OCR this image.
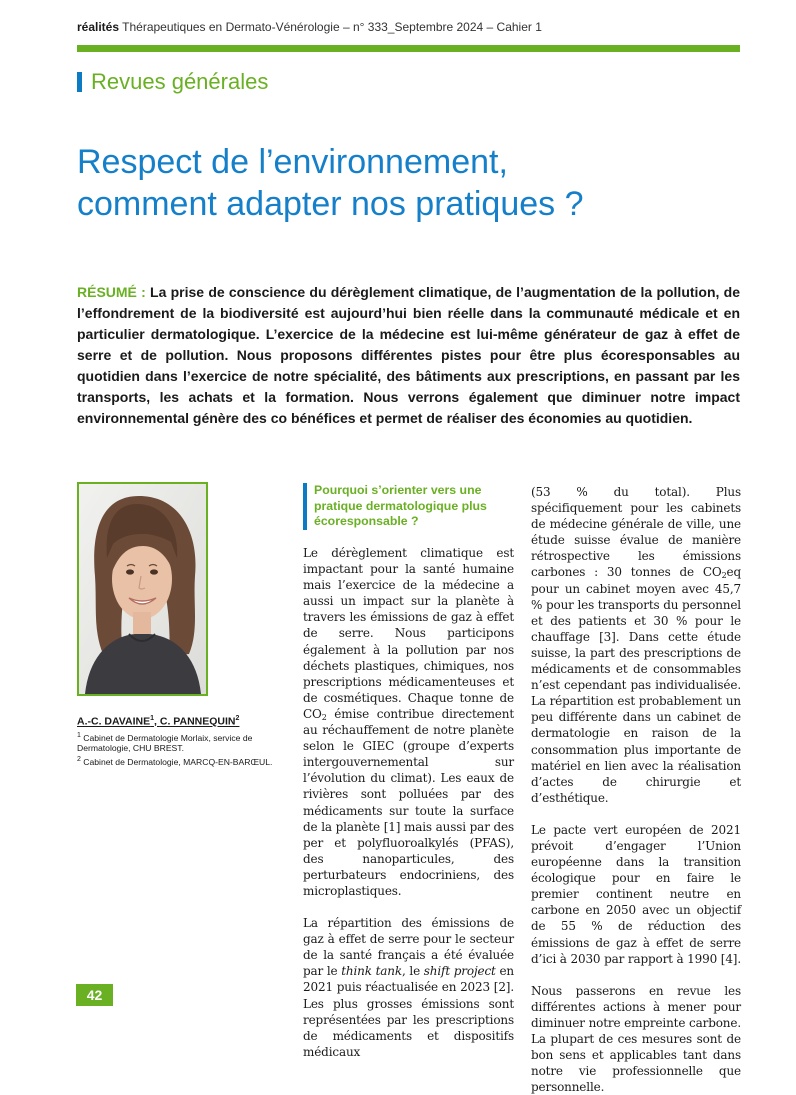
réalités Thérapeutiques en Dermato-Vénérologie – n° 333_Septembre 2024 – Cahier 1
Revues générales
Respect de l’environnement,
comment adapter nos pratiques ?

RÉSUMÉ : La prise de conscience du dérèglement climatique, de l’augmentation de la pollution, de l’effondrement de la biodiversité est aujourd’hui bien réelle dans la communauté médicale et en particulier dermatologique. L’exercice de la médecine est lui-même générateur de gaz à effet de serre et de pollution. Nous proposons différentes pistes pour être plus écoresponsables au quotidien dans l’exercice de notre spécialité, des bâtiments aux prescriptions, en passant par les transports, les achats et la formation. Nous verrons également que diminuer notre impact environnemental génère des co bénéfices et permet de réaliser des économies au quotidien.

A.-C. DAVAINE$^1$, C. PANNEQUIN$^2$

$^1$ Cabinet de Dermatologie Morlaix, service de Dermatologie, CHU BREST.

$^2$ Cabinet de Dermatologie, MARCQ-EN-BARŒUL.

Pourquoi s’orienter vers une pratique dermatologique plus écoresponsable ?

Le dérèglement climatique est impactant pour la santé humaine mais l’exercice de la médecine a aussi un impact sur la planète à travers les émissions de gaz à effet de serre. Nous participons également à la pollution par nos déchets plastiques, chimiques, nos prescriptions médicamenteuses et de cosmétiques. Chaque tonne de $CO_2$ émise contribue directement au réchauffement de notre planète selon le GIEC (groupe d’experts intergouvernemental sur l’évolution du climat). Les eaux de rivières sont polluées par des médicaments sur toute la surface de la planète [1] mais aussi par des per et polyfluoroalkylés (PFAS), des nanoparticules, des perturbateurs endocriniens, des microplastiques.

La répartition des émissions de gaz à effet de serre pour le secteur de la santé français a été évaluée par le think tank, le shift project en 2021 puis réactualisée en 2023 [2]. Les plus grosses émissions sont représentées par les prescriptions de médicaments et dispositifs médicaux

(53 % du total). Plus spécifiquement pour les cabinets de médecine générale de ville, une étude suisse évalue de manière rétrospective les émissions carbones : 30 tonnes de $CO_2eq$ pour un cabinet moyen avec 45,7 % pour les transports du personnel et des patients et 30 % pour le chauffage [3]. Dans cette étude suisse, la part des prescriptions de médicaments et de consommables n’est cependant pas individualisée. La répartition est probablement un peu différente dans un cabinet de dermatologie en raison de la consommation plus importante de matériel en lien avec la réalisation d’actes de chirurgie et d’esthétique.

Le pacte vert européen de 2021 prévoit d’engager l’Union européenne dans la transition écologique pour en faire le premier continent neutre en carbone en 2050 avec un objectif de 55 % de réduction des émissions de gaz à effet de serre d’ici à 2030 par rapport à 1990 [4].

Nous passerons en revue les différentes actions à mener pour diminuer notre empreinte carbone. La plupart de ces mesures sont de bon sens et applicables tant dans notre vie professionnelle que personnelle.

42
